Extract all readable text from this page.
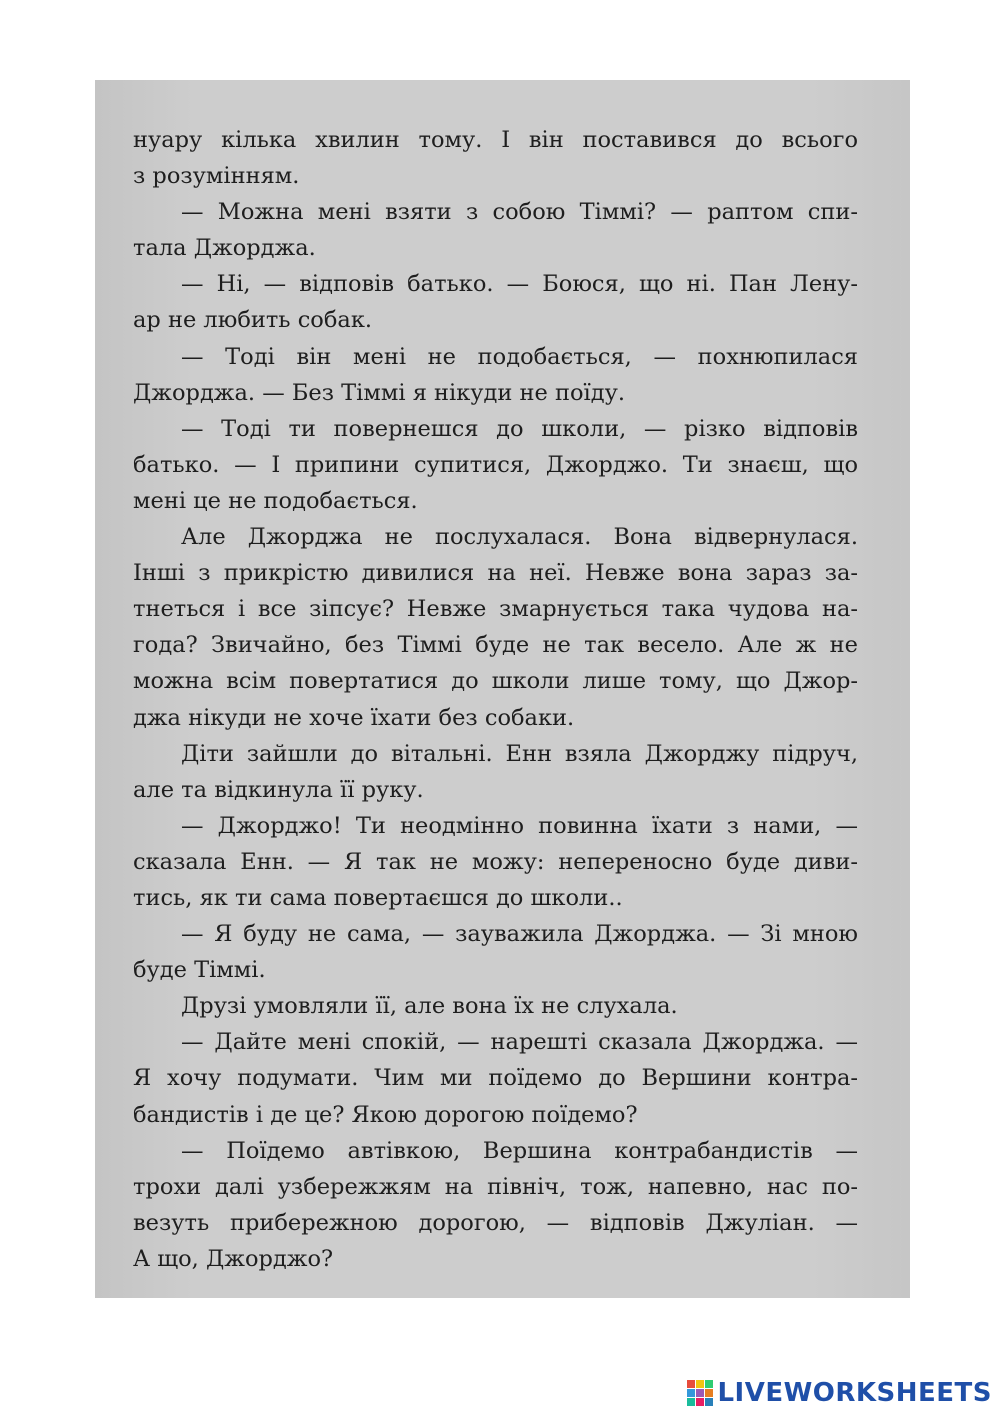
нуару кілька хвилин тому. І він поставився до всього
з розумінням.
— Можна мені взяти з собою Тіммі? — раптом спи-
тала Джорджа.
— Ні, — відповів батько. — Боюся, що ні. Пан Лену-
ар не любить собак.
— Тоді він мені не подобається, — похнюпилася
Джорджа. — Без Тіммі я нікуди не поїду.
— Тоді ти повернешся до школи, — різко відповів
батько. — І припини супитися, Джорджо. Ти знаєш, що
мені це не подобається.
Але Джорджа не послухалася. Вона відвернулася.
Інші з прикрістю дивилися на неї. Невже вона зараз за-
тнеться і все зіпсує? Невже змарнується така чудова на-
года? Звичайно, без Тіммі буде не так весело. Але ж не
можна всім повертатися до школи лише тому, що Джор-
джа нікуди не хоче їхати без собаки.
Діти зайшли до вітальні. Енн взяла Джорджу підруч,
але та відкинула її руку.
— Джорджо! Ти неодмінно повинна їхати з нами, —
сказала Енн. — Я так не можу: непереносно буде диви-
тись, як ти сама повертаєшся до школи..
— Я буду не сама, — зауважила Джорджа. — Зі мною
буде Тіммі.
Друзі умовляли її, але вона їх не слухала.
— Дайте мені спокій, — нарешті сказала Джорджа. —
Я хочу подумати. Чим ми поїдемо до Вершини контра-
бандистів і де це? Якою дорогою поїдемо?
— Поїдемо автівкою, Вершина контрабандистів —
трохи далі узбережжям на північ, тож, напевно, нас по-
везуть прибережною дорогою, — відповів Джуліан. —
А що, Джорджо?
LIVEWORKSHEETS
